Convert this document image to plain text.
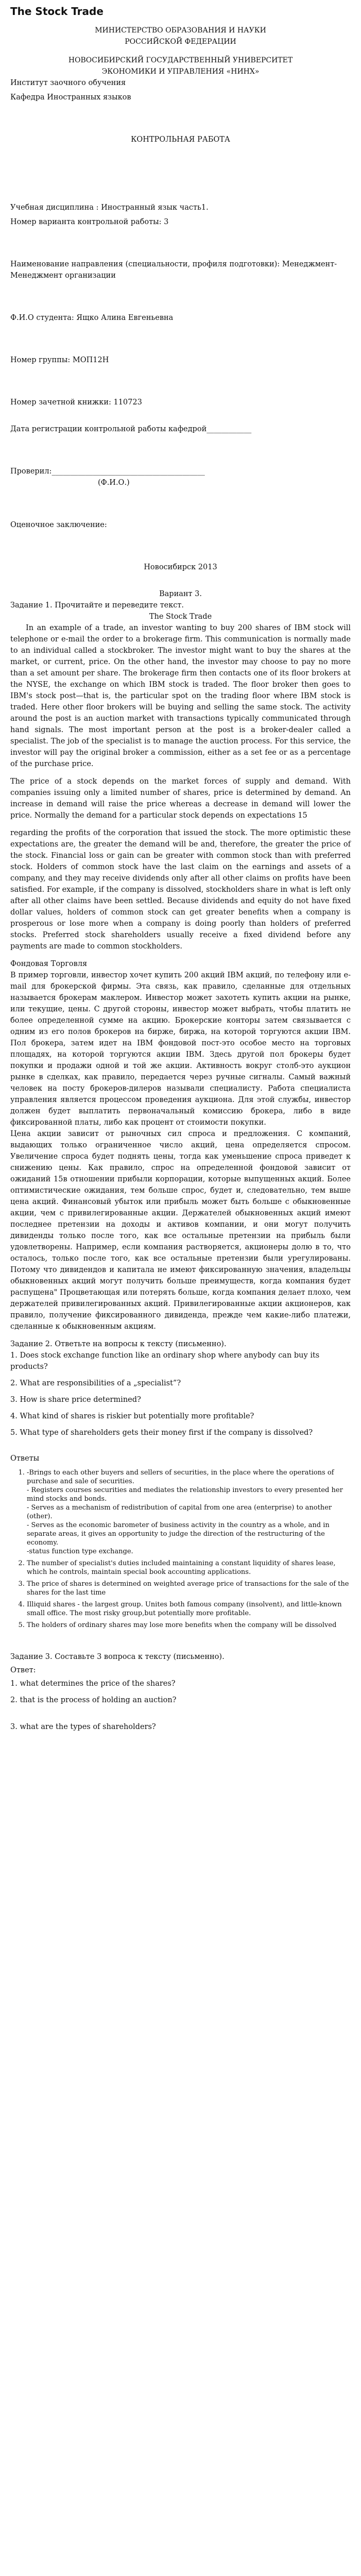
The Stock Trade

МИНИСТЕРСТВО ОБРАЗОВАНИЯ И НАУКИ

РОССИЙСКОЙ ФЕДЕРАЦИИ

НОВОСИБИРСКИЙ ГОСУДАРСТВЕННЫЙ УНИВЕРСИТЕТ

ЭКОНОМИКИ И УПРАВЛЕНИЯ «НИНХ»

Институт заочного обучения

Кафедра Иностранных языков

КОНТРОЛЬНАЯ РАБОТА

Учебная дисциплина : Иностранный язык часть1.

Номер варианта контрольной работы: 3

Наименование направления (специальности, профиля подготовки): Менеджмент- Менеджмент организации

Ф.И.О студента: Ящко Алина Евгеньевна

Номер группы: МОП12Н

Номер зачетной книжки: 110723

Дата регистрации контрольной работы кафедрой____________

Проверил:_________________________________________

(Ф.И.О.)

Оценочное заключение:

Новосибирск 2013

Вариант 3.

Задание 1. Прочитайте и переведите текст.

The Stock Trade

In an example of a trade, an investor wanting to buy 200 shares of IBM stock will telephone or e-mail the order to a brokerage firm. This communication is normally made to an individual called a stockbroker. The investor might want to buy the shares at the market, or current, price. On the other hand, the investor may choose to pay no more than a set amount per share. The brokerage firm then contacts one of its floor brokers at the NYSE, the exchange on which IBM stock is traded. The floor broker then goes to IBM's stock post—that is, the particular spot on the trading floor where IBM stock is traded. Here other floor brokers will be buying and selling the same stock. The activity around the post is an auction market with transactions typically communicated through hand signals. The most important person at the post is a broker-dealer called a specialist. The job of the specialist is to manage the auction process. For this service, the investor will pay the original broker a commission, either as a set fee or as a percentage of the purchase price.

The price of a stock depends on the market forces of supply and demand. With companies issuing only a limited number of shares, price is determined by demand. An increase in demand will raise the price whereas a decrease in demand will lower the price. Normally the demand for a particular stock depends on expectations 15

regarding the profits of the corporation that issued the stock. The more optimistic these expectations are, the greater the demand will be and, therefore, the greater the price of the stock. Financial loss or gain can be greater with common stock than with preferred stock. Holders of common stock have the last claim on the earnings and assets of a company, and they may receive dividends only after all other claims on profits have been satisfied. For example, if the company is dissolved, stockholders share in what is left only after all other claims have been settled. Because dividends and equity do not have fixed dollar values, holders of common stock can get greater benefits when a company is prosperous or lose more when a company is doing poorly than holders of preferred stocks. Preferred stock shareholders usually receive a fixed dividend before any payments are made to common stockholders.

Фондовая Торговля

В пример торговли, инвестор хочет купить 200 акций IBM акций, по телефону или e-mail для брокерской фирмы. Эта связь, как правило, сделанные для отдельных называется брокерам маклером. Инвестор может захотеть купить акции на рынке, или текущие, цены. С другой стороны, инвестор может выбрать, чтобы платить не более определенной сумме на акцию. Брокерские конторы затем связывается с одним из его полов брокеров на бирже, биржа, на которой торгуются акции IBM. Пол брокера, затем идет на IBM фондовой пост-это особое место на торговых площадях, на которой торгуются акции IBM. Здесь другой пол брокеры будет покупки и продажи одной и той же акции. Активность вокруг столб-это аукцион рынке в сделках, как правило, передается через ручные сигналы. Самый важный человек на посту брокеров-дилеров называли специалисту. Работа специалиста управления является процессом проведения аукциона. Для этой службы, инвестор должен будет выплатить первоначальный комиссию брокера, либо в виде фиксированной платы, либо как процент от стоимости покупки.
Цена акции зависит от рыночных сил спроса и предложения. С компаний, выдающих только ограниченное число акций, цена определяется спросом. Увеличение спроса будет поднять цены, тогда как уменьшение спроса приведет к снижению цены. Как правило, спрос на определенной фондовой зависит от ожиданий 15в отношении прибыли корпорации, которые выпущенных акций. Более оптимистические ожидания, тем больше спрос, будет и, следовательно, тем выше цена акций. Финансовый убыток или прибыль может быть больше с обыкновенные акции, чем с привилегированные акции. Держателей обыкновенных акций имеют последнее претензии на доходы и активов компании, и они могут получить дивиденды только после того, как все остальные претензии на прибыль были удовлетворены. Например, если компания растворяется, акционеры долю в то, что осталось, только после того, как все остальные претензии были урегулированы. Потому что дивидендов и капитала не имеют фиксированную значения, владельцы обыкновенных акций могут получить больше преимуществ, когда компания будет распущена" Процветающая или потерять больше, когда компания делает плохо, чем держателей привилегированных акций. Привилегированные акции акционеров, как правило, получение фиксированного дивиденда, прежде чем какие-либо платежи, сделанные к обыкновенным акциям.

Задание 2. Ответьте на вопросы к тексту (письменно).

1. Does stock exchange function like an ordinary shop where anybody can buy its products?

2. What are responsibilities of a „specialist”?

3. How is share price determined?

4. What kind of shares is riskier but potentially more profitable?

5. What type of shareholders gets their money first if the company is dissolved?

Ответы

1. -Brings to each other buyers and sellers of securities, in the place where the operations of purchase and sale of securities.
- Registers courses securities and mediates the relationship investors to every presented her mind stocks and bonds.
- Serves as a mechanism of redistribution of capital from one area (enterprise) to another (other).
- Serves as the economic barometer of business activity in the country as a whole, and in separate areas, it gives an opportunity to judge the direction of the restructuring of the economy.
-status function type exchange.
2. The number of specialist's duties included maintaining a constant liquidity of shares lease, which he controls, maintain special book accounting applications.
3. The price of shares is determined on weighted average price of transactions for the sale of the shares for the last time
4. Illiquid shares - the largest group. Unites both famous company (insolvent), and little-known small office. The most risky group,but potentially more profitable.
5. The holders of ordinary shares may lose more benefits when the company will be dissolved

Задание 3. Составьте 3 вопроса к тексту (письменно).

Ответ:

1. what determines the price of the shares?

2. that is the process of holding an auction?

3. what are the types of shareholders?
